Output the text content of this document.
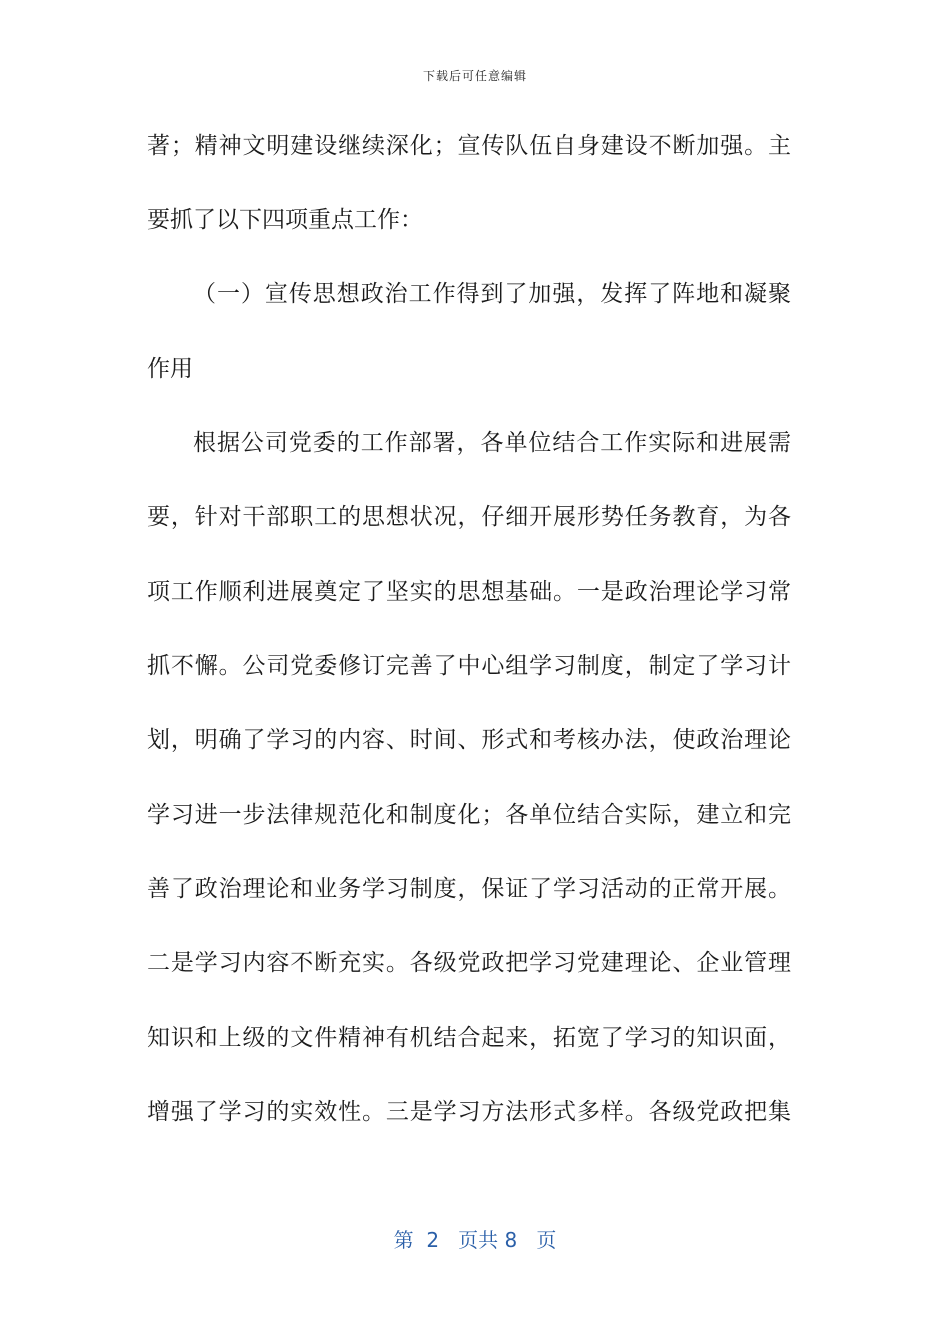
下载后可任意编辑
著；精神文明建设继续深化；宣传队伍自身建设不断加强。主
要抓了以下四项重点工作：
（一）宣传思想政治工作得到了加强，发挥了阵地和凝聚
作用
根据公司党委的工作部署，各单位结合工作实际和进展需
要，针对干部职工的思想状况，仔细开展形势任务教育，为各
项工作顺利进展奠定了坚实的思想基础。一是政治理论学习常
抓不懈。公司党委修订完善了中心组学习制度，制定了学习计
划，明确了学习的内容、时间、形式和考核办法，使政治理论
学习进一步法律规范化和制度化；各单位结合实际，建立和完
善了政治理论和业务学习制度，保证了学习活动的正常开展。
二是学习内容不断充实。各级党政把学习党建理论、企业管理
知识和上级的文件精神有机结合起来，拓宽了学习的知识面，
增强了学习的实效性。三是学习方法形式多样。各级党政把集
第  2   页共 8   页
